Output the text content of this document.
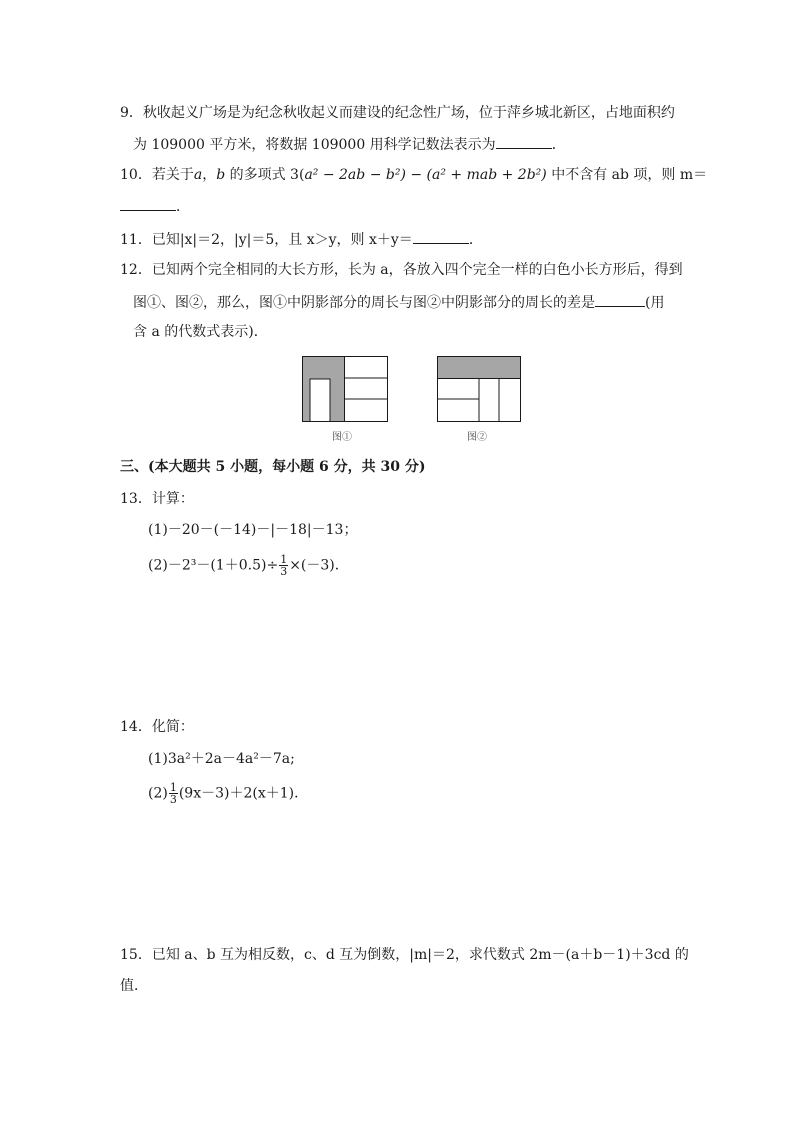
9．秋收起义广场是为纪念秋收起义而建设的纪念性广场，位于萍乡城北新区，占地面积约
为 109000 平方米，将数据 109000 用科学记数法表示为	．
10．若关于a，b 的多项式 3(a² − 2ab − b²) − (a² + mab + 2b²) 中不含有 ab 项，则 m＝
．
11．已知|x|＝2，|y|＝5，且 x＞y，则 x＋y＝	．
12．已知两个完全相同的大长方形，长为 a，各放入四个完全一样的白色小长方形后，得到
图①、图②，那么，图①中阴影部分的周长与图②中阴影部分的周长的差是	(用
含 a 的代数式表示)．
图①	图②
三、(本大题共 5 小题，每小题 6 分，共 30 分)
13．计算：
(1)－20－(－14)－|－18|－13；
$(2)-2^3-(1+0.5)\div \frac{1}{3} \times(-3)$．
14．化简：
(1)3a²＋2a－4a²－7a;
$(2) \frac{1}{3} (9x-3)+2(x+1)$．
15．已知 a、b 互为相反数，c、d 互为倒数，|m|＝2，求代数式 2m－(a＋b－1)＋3cd 的
值．
